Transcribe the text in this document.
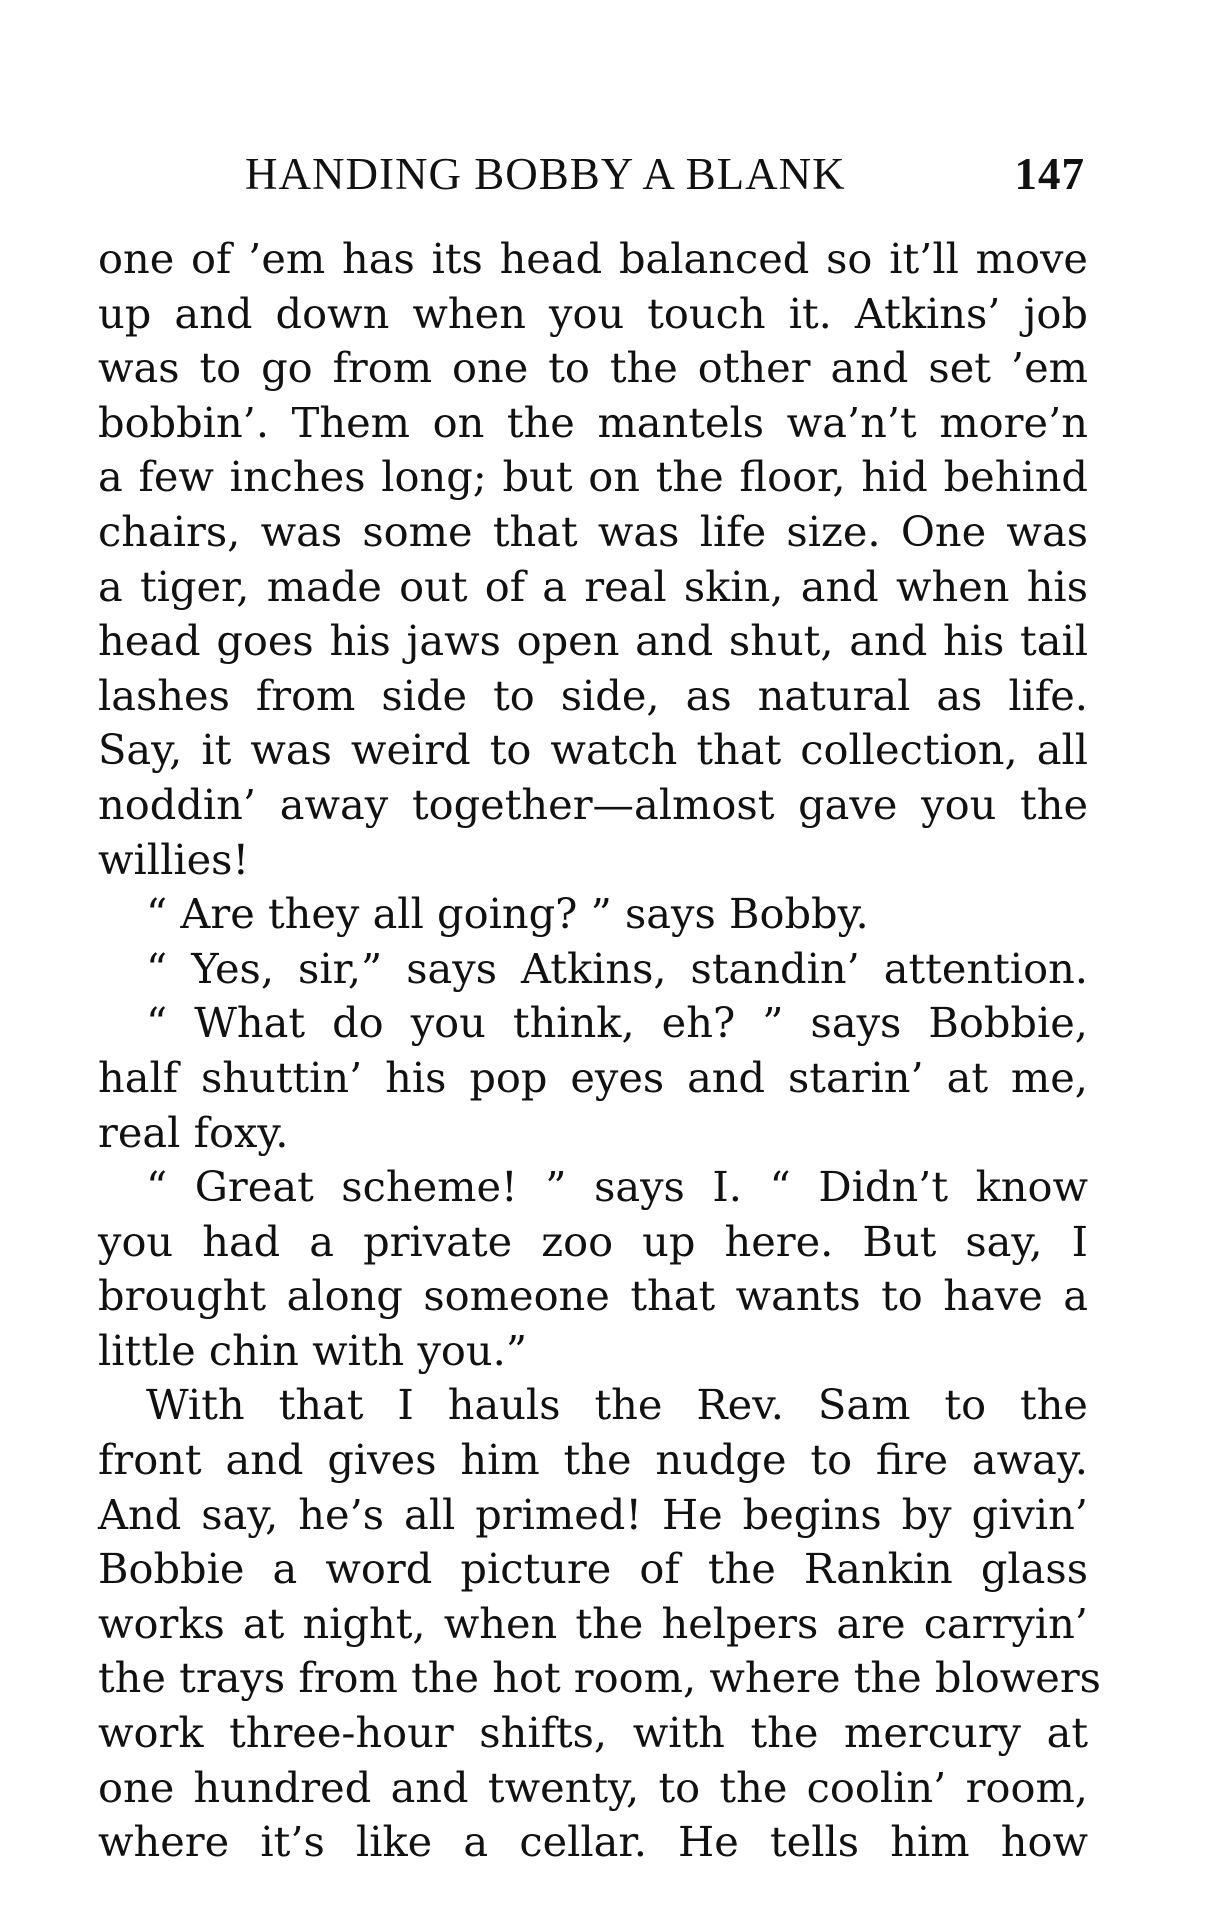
HANDING BOBBY A BLANK	147
one of ’em has its head balanced so it’ll move
up and down when you touch it. Atkins’ job
was to go from one to the other and set ’em
bobbin’. Them on the mantels wa’n’t more’n
a few inches long; but on the floor, hid behind
chairs, was some that was life size. One was
a tiger, made out of a real skin, and when his
head goes his jaws open and shut, and his tail
lashes from side to side, as natural as life.
Say, it was weird to watch that collection, all
noddin’ away together—almost gave you the
willies!
“ Are they all going? ” says Bobby.
“ Yes, sir,” says Atkins, standin’ attention.
“ What do you think, eh? ” says Bobbie,
half shuttin’ his pop eyes and starin’ at me,
real foxy.
“ Great scheme! ” says I. “ Didn’t know
you had a private zoo up here. But say, I
brought along someone that wants to have a
little chin with you.”
With that I hauls the Rev. Sam to the
front and gives him the nudge to fire away.
And say, he’s all primed! He begins by givin’
Bobbie a word picture of the Rankin glass
works at night, when the helpers are carryin’
the trays from the hot room, where the blowers
work three-hour shifts, with the mercury at
one hundred and twenty, to the coolin’ room,
where it’s like a cellar. He tells him how
